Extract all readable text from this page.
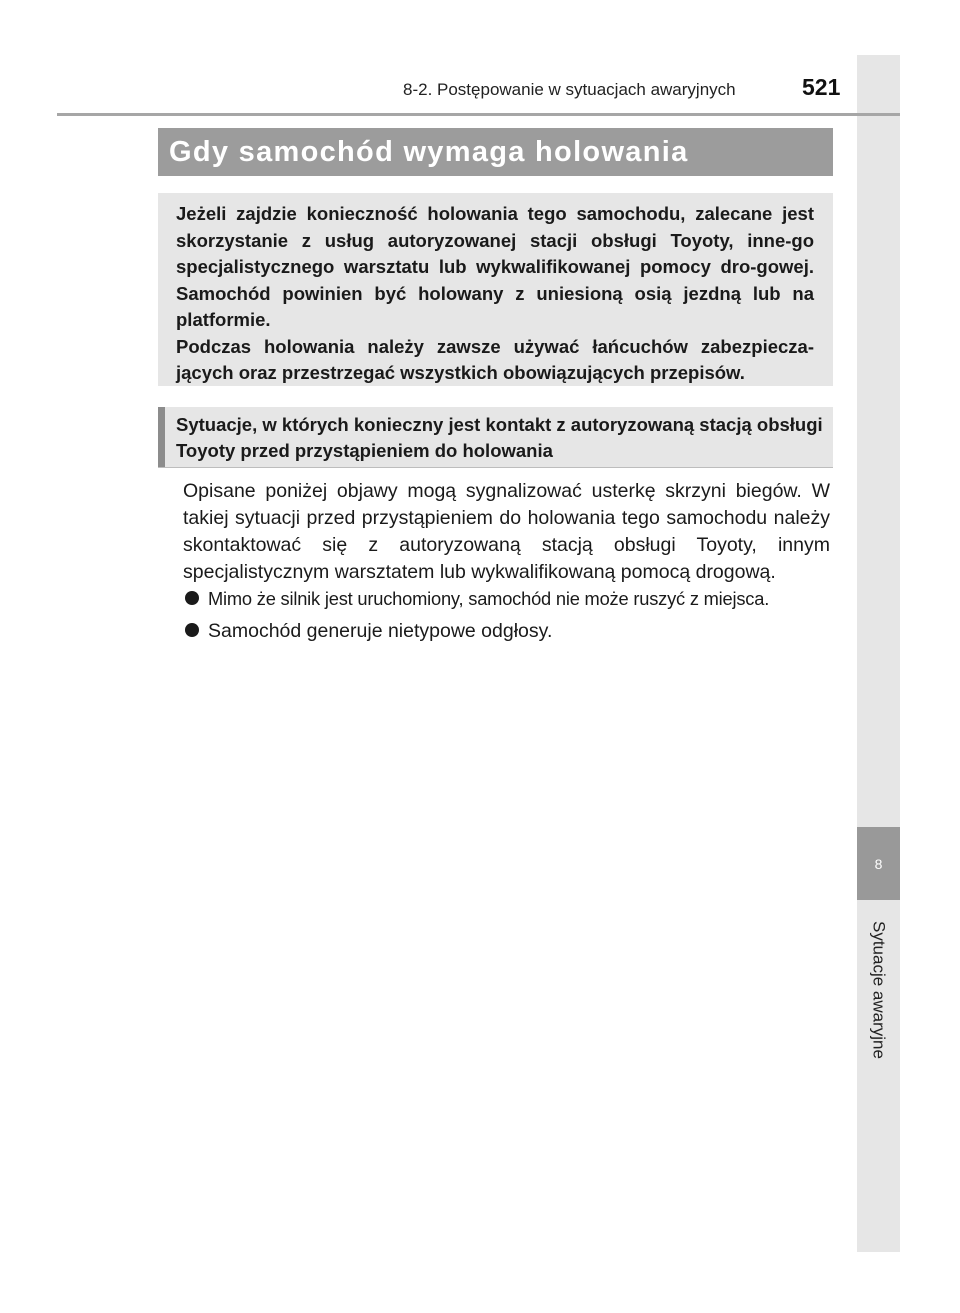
8
Sytuacje awaryjne
8-2. Postępowanie w sytuacjach awaryjnych	521
Gdy samochód wymaga holowania

Jeżeli zajdzie konieczność holowania tego samochodu, zalecane jest skorzystanie z usług autoryzowanej stacji obsługi Toyoty, inne-go specjalistycznego warsztatu lub wykwalifikowanej pomocy dro-gowej. Samochód powinien być holowany z uniesioną osią jezdną lub na platformie.
Podczas holowania należy zawsze używać łańcuchów zabezpiecza-jących oraz przestrzegać wszystkich obowiązujących przepisów.

Sytuacje, w których konieczny jest kontakt z autoryzowaną stacją obsługi Toyoty przed przystąpieniem do holowania

Opisane poniżej objawy mogą sygnalizować usterkę skrzyni biegów. W takiej sytuacji przed przystąpieniem do holowania tego samochodu należy skontaktować się z autoryzowaną stacją obsługi Toyoty, innym specjalistycznym warsztatem lub wykwalifikowaną pomocą drogową.

Mimo że silnik jest uruchomiony, samochód nie może ruszyć z miejsca.
Samochód generuje nietypowe odgłosy.
